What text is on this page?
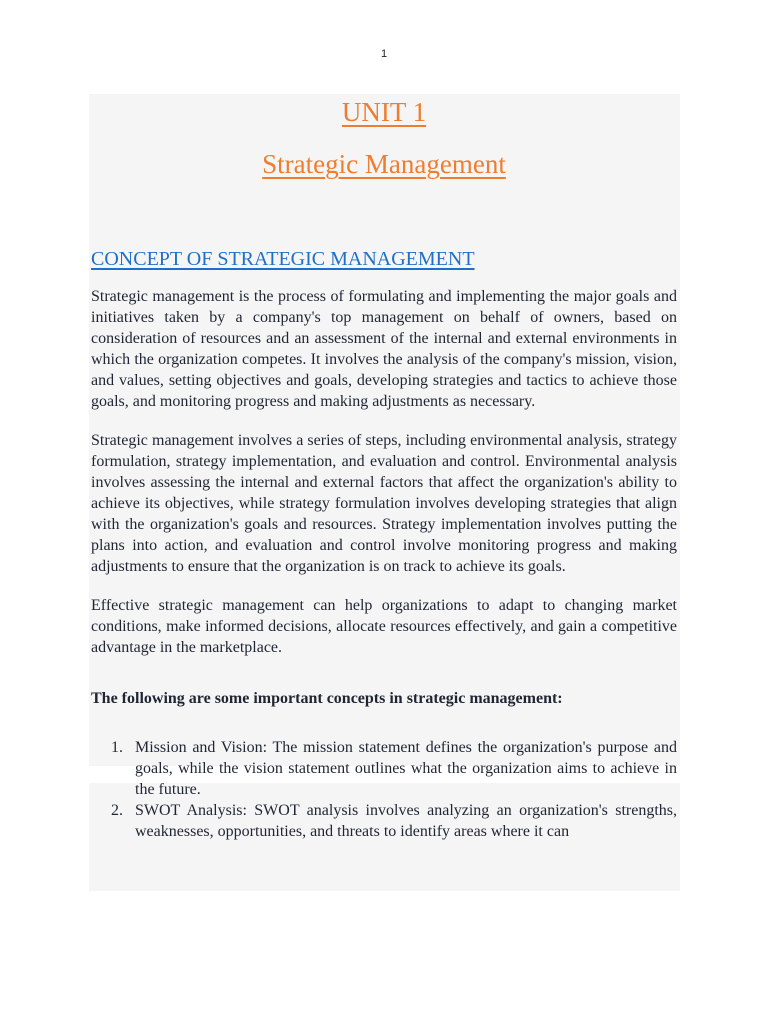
1
UNIT 1
Strategic Management
CONCEPT OF STRATEGIC MANAGEMENT

Strategic management is the process of formulating and implementing the major goals and initiatives taken by a company's top management on behalf of owners, based on consideration of resources and an assessment of the internal and external environments in which the organization competes. It involves the analysis of the company's mission, vision, and values, setting objectives and goals, developing strategies and tactics to achieve those goals, and monitoring progress and making adjustments as necessary.

Strategic management involves a series of steps, including environmental analysis, strategy formulation, strategy implementation, and evaluation and control. Environmental analysis involves assessing the internal and external factors that affect the organization's ability to achieve its objectives, while strategy formulation involves developing strategies that align with the organization's goals and resources. Strategy implementation involves putting the plans into action, and evaluation and control involve monitoring progress and making adjustments to ensure that the organization is on track to achieve its goals.

Effective strategic management can help organizations to adapt to changing market conditions, make informed decisions, allocate resources effectively, and gain a competitive advantage in the marketplace.

The following are some important concepts in strategic management:

1. Mission and Vision: The mission statement defines the organization's purpose and goals, while the vision statement outlines what the organization aims to achieve in the future.
2. SWOT Analysis: SWOT analysis involves analyzing an organization's strengths, weaknesses, opportunities, and threats to identify areas where it can
